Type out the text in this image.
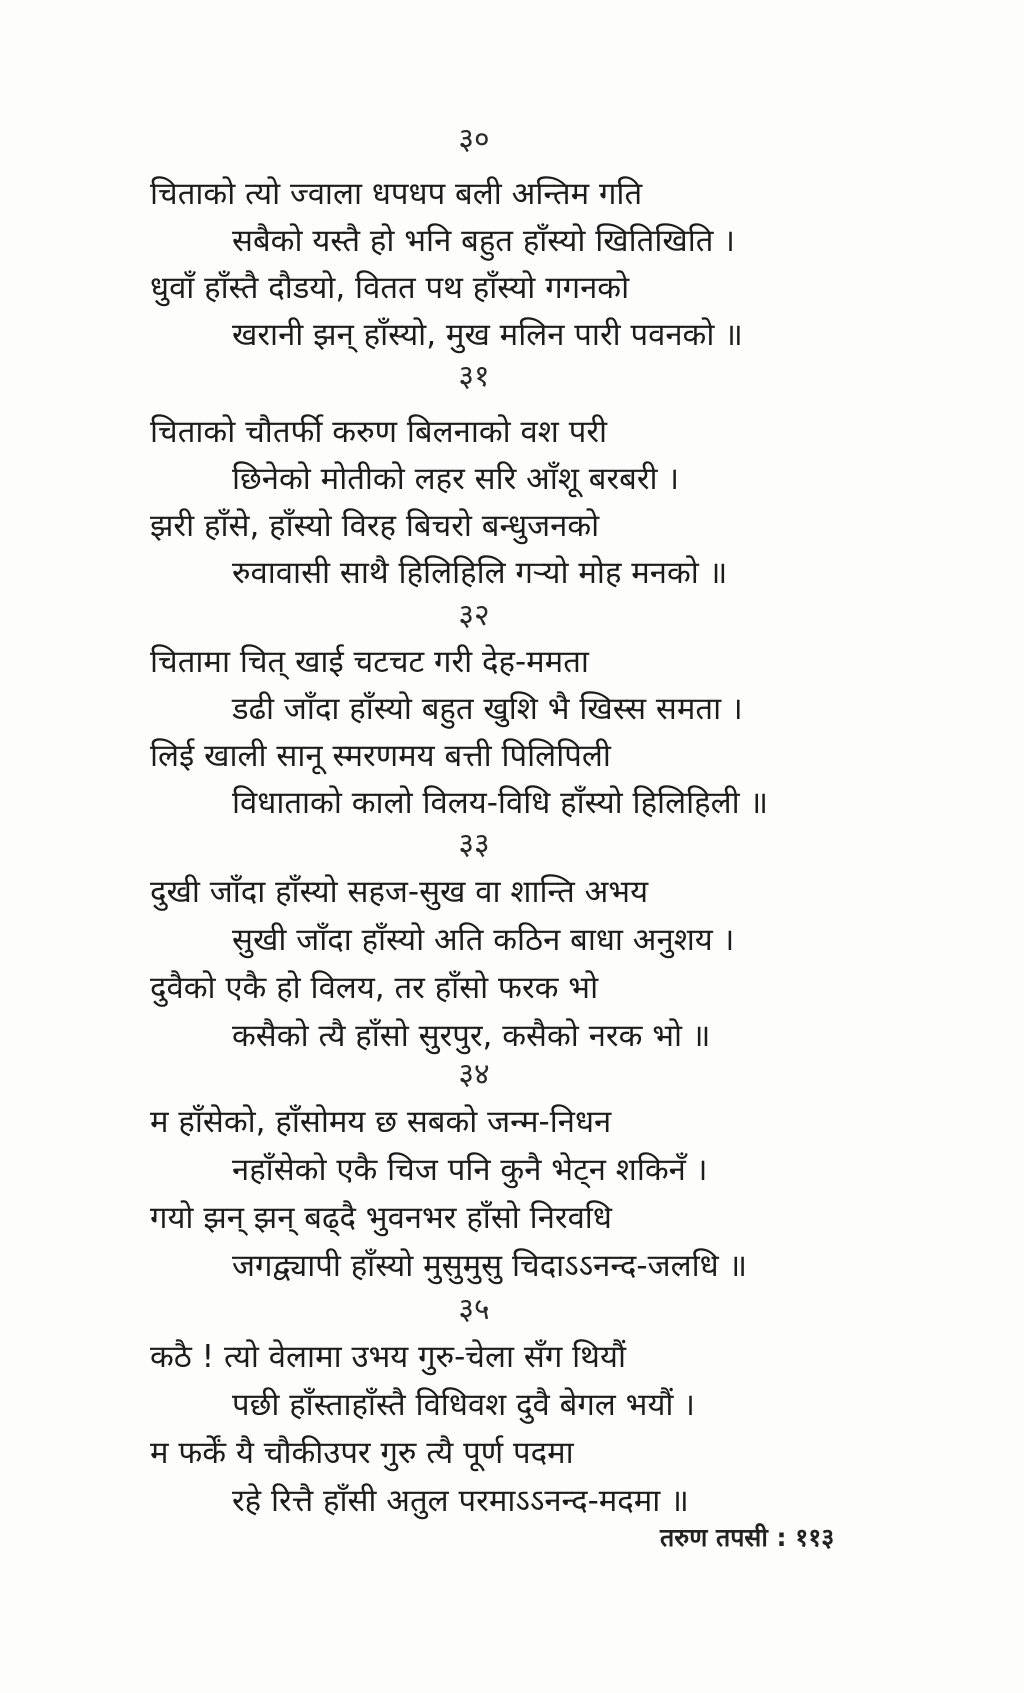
३०
चिताको त्यो ज्वाला धपधप बली अन्तिम गति
सबैको यस्तै हो भनि बहुत हाँस्यो खितिखिति ।
धुवाँ हाँस्तै दौडयो, वितत पथ हाँस्यो गगनको
खरानी झन् हाँस्यो, मुख मलिन पारी पवनको ॥
३१
चिताको चौतर्फी करुण बिलनाको वश परी
छिनेको मोतीको लहर सरि आँशू बरबरी ।
झरी हाँसे, हाँस्यो विरह बिचरो बन्धुजनको
रुवावासी साथै हिलिहिलि गऱ्यो मोह मनको ॥
३२
चितामा चित् खाई चटचट गरी देह-ममता
डढी जाँदा हाँस्यो बहुत खुशि भै खिस्स समता ।
लिई खाली सानू स्मरणमय बत्ती पिलिपिली
विधाताको कालो विलय-विधि हाँस्यो हिलिहिली ॥
३३
दुखी जाँदा हाँस्यो सहज-सुख वा शान्ति अभय
सुखी जाँदा हाँस्यो अति कठिन बाधा अनुशय ।
दुवैको एकै हो विलय, तर हाँसो फरक भो
कसैको त्यै हाँसो सुरपुर, कसैको नरक भो ॥
३४
म हाँसेको, हाँसोमय छ सबको जन्म-निधन
नहाँसेको एकै चिज पनि कुनै भेट्न शकिनँ ।
गयो झन् झन् बढ्दै भुवनभर हाँसो निरवधि
जगद्व्यापी हाँस्यो मुसुमुसु चिदाऽऽनन्द-जलधि ॥
३५
कठै ! त्यो वेलामा उभय गुरु-चेला सँग थियौं
पछी हाँस्ताहाँस्तै विधिवश दुवै बेगल भयौं ।
म फर्कें यै चौकीउपर गुरु त्यै पूर्ण पदमा
रहे रित्तै हाँसी अतुल परमाऽऽनन्द-मदमा ॥
तरुण तपसी : ११३
